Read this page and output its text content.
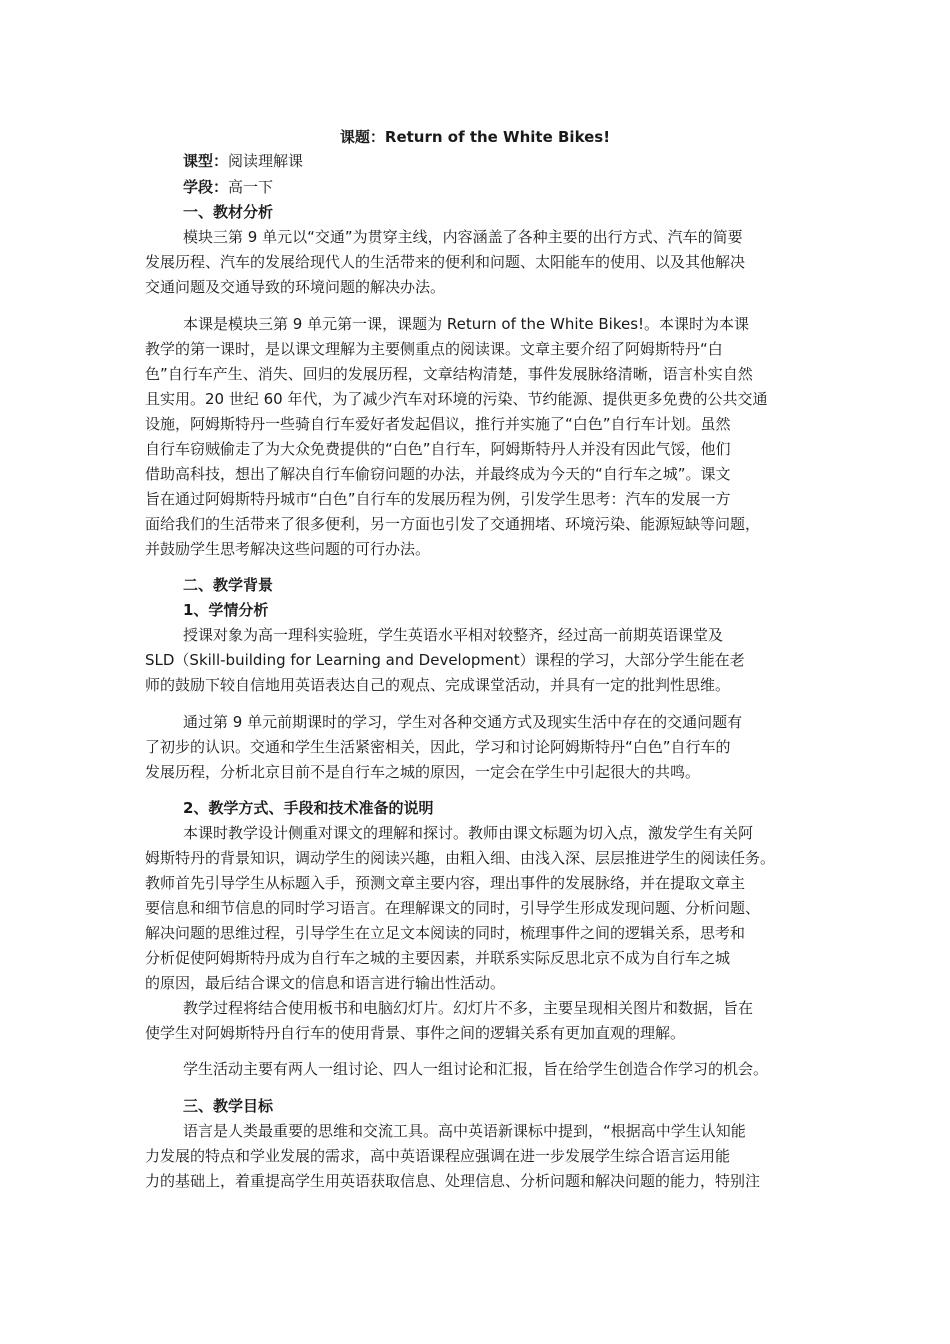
课题：Return of the White Bikes!
课型：阅读理解课
学段：高一下
一、教材分析
模块三第 9 单元以“交通”为贯穿主线，内容涵盖了各种主要的出行方式、汽车的简要
发展历程、汽车的发展给现代人的生活带来的便利和问题、太阳能车的使用、以及其他解决
交通问题及交通导致的环境问题的解决办法。
本课是模块三第 9 单元第一课，课题为 Return of the White Bikes!。本课时为本课
教学的第一课时，是以课文理解为主要侧重点的阅读课。文章主要介绍了阿姆斯特丹“白
色”自行车产生、消失、回归的发展历程，文章结构清楚，事件发展脉络清晰，语言朴实自然
且实用。20 世纪 60 年代，为了减少汽车对环境的污染、节约能源、提供更多免费的公共交通
设施，阿姆斯特丹一些骑自行车爱好者发起倡议，推行并实施了“白色”自行车计划。虽然
自行车窃贼偷走了为大众免费提供的“白色”自行车，阿姆斯特丹人并没有因此气馁，他们
借助高科技，想出了解决自行车偷窃问题的办法，并最终成为今天的“自行车之城”。课文
旨在通过阿姆斯特丹城市“白色”自行车的发展历程为例，引发学生思考：汽车的发展一方
面给我们的生活带来了很多便利，另一方面也引发了交通拥堵、环境污染、能源短缺等问题，
并鼓励学生思考解决这些问题的可行办法。
二、教学背景
1、学情分析
授课对象为高一理科实验班，学生英语水平相对较整齐，经过高一前期英语课堂及
SLD（Skill-building for Learning and Development）课程的学习，大部分学生能在老
师的鼓励下较自信地用英语表达自己的观点、完成课堂活动，并具有一定的批判性思维。
通过第 9 单元前期课时的学习，学生对各种交通方式及现实生活中存在的交通问题有
了初步的认识。交通和学生生活紧密相关，因此，学习和讨论阿姆斯特丹“白色”自行车的
发展历程，分析北京目前不是自行车之城的原因，一定会在学生中引起很大的共鸣。
2、教学方式、手段和技术准备的说明
本课时教学设计侧重对课文的理解和探讨。教师由课文标题为切入点，激发学生有关阿
姆斯特丹的背景知识，调动学生的阅读兴趣，由粗入细、由浅入深、层层推进学生的阅读任务。
教师首先引导学生从标题入手，预测文章主要内容，理出事件的发展脉络，并在提取文章主
要信息和细节信息的同时学习语言。在理解课文的同时，引导学生形成发现问题、分析问题、
解决问题的思维过程，引导学生在立足文本阅读的同时，梳理事件之间的逻辑关系，思考和
分析促使阿姆斯特丹成为自行车之城的主要因素，并联系实际反思北京不成为自行车之城
的原因，最后结合课文的信息和语言进行输出性活动。
教学过程将结合使用板书和电脑幻灯片。幻灯片不多，主要呈现相关图片和数据，旨在
使学生对阿姆斯特丹自行车的使用背景、事件之间的逻辑关系有更加直观的理解。
学生活动主要有两人一组讨论、四人一组讨论和汇报，旨在给学生创造合作学习的机会。
三、教学目标
语言是人类最重要的思维和交流工具。高中英语新课标中提到，“根据高中学生认知能
力发展的特点和学业发展的需求，高中英语课程应强调在进一步发展学生综合语言运用能
力的基础上，着重提高学生用英语获取信息、处理信息、分析问题和解决问题的能力，特别注
